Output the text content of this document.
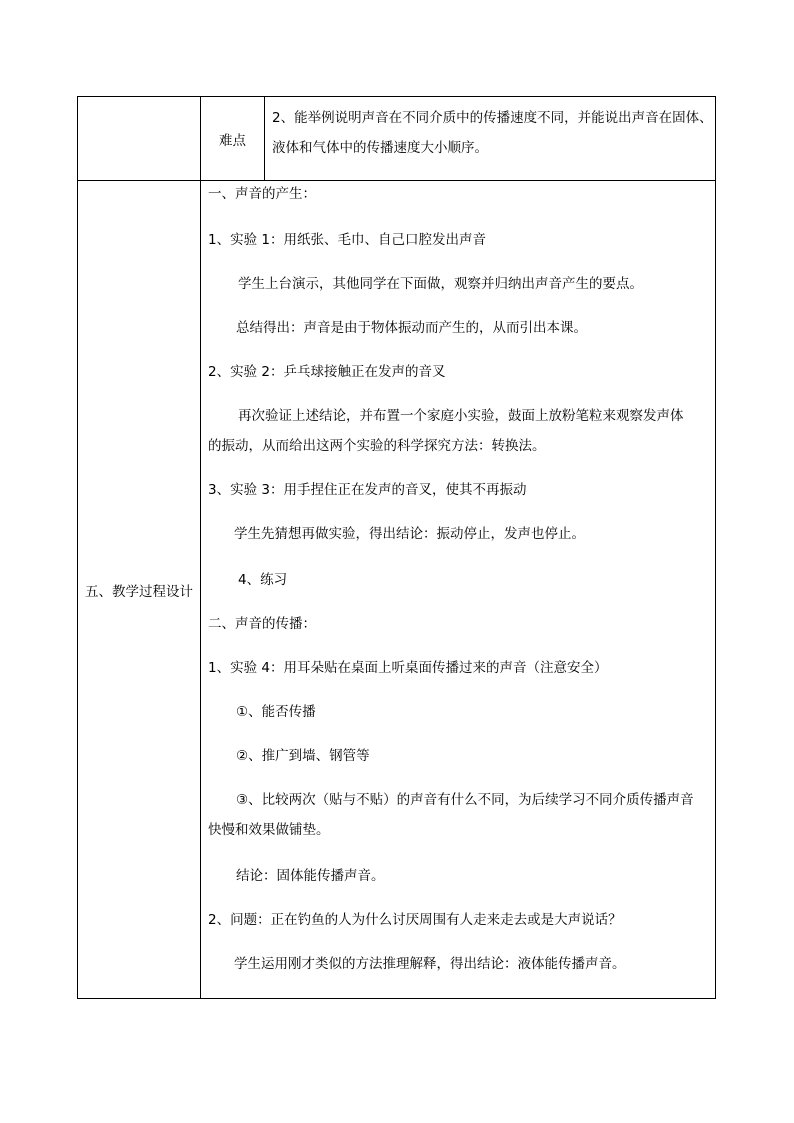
难点
2、能举例说明声音在不同介质中的传播速度不同，并能说出声音在固体、
液体和气体中的传播速度大小顺序。
五、教学过程设计
一、声音的产生：
1、实验 1：用纸张、毛巾、自己口腔发出声音
学生上台演示，其他同学在下面做，观察并归纳出声音产生的要点。
总结得出：声音是由于物体振动而产生的，从而引出本课。
2、实验 2：乒乓球接触正在发声的音叉
再次验证上述结论，并布置一个家庭小实验，鼓面上放粉笔粒来观察发声体
的振动，从而给出这两个实验的科学探究方法：转换法。
3、实验 3：用手捏住正在发声的音叉，使其不再振动
学生先猜想再做实验，得出结论：振动停止，发声也停止。
4、练习
二、声音的传播：
1、实验 4：用耳朵贴在桌面上听桌面传播过来的声音（注意安全）
①、能否传播
②、推广到墙、钢管等
③、比较两次（贴与不贴）的声音有什么不同，为后续学习不同介质传播声音
快慢和效果做铺垫。
结论：固体能传播声音。
2、问题：正在钓鱼的人为什么讨厌周围有人走来走去或是大声说话？
学生运用刚才类似的方法推理解释，得出结论：液体能传播声音。
